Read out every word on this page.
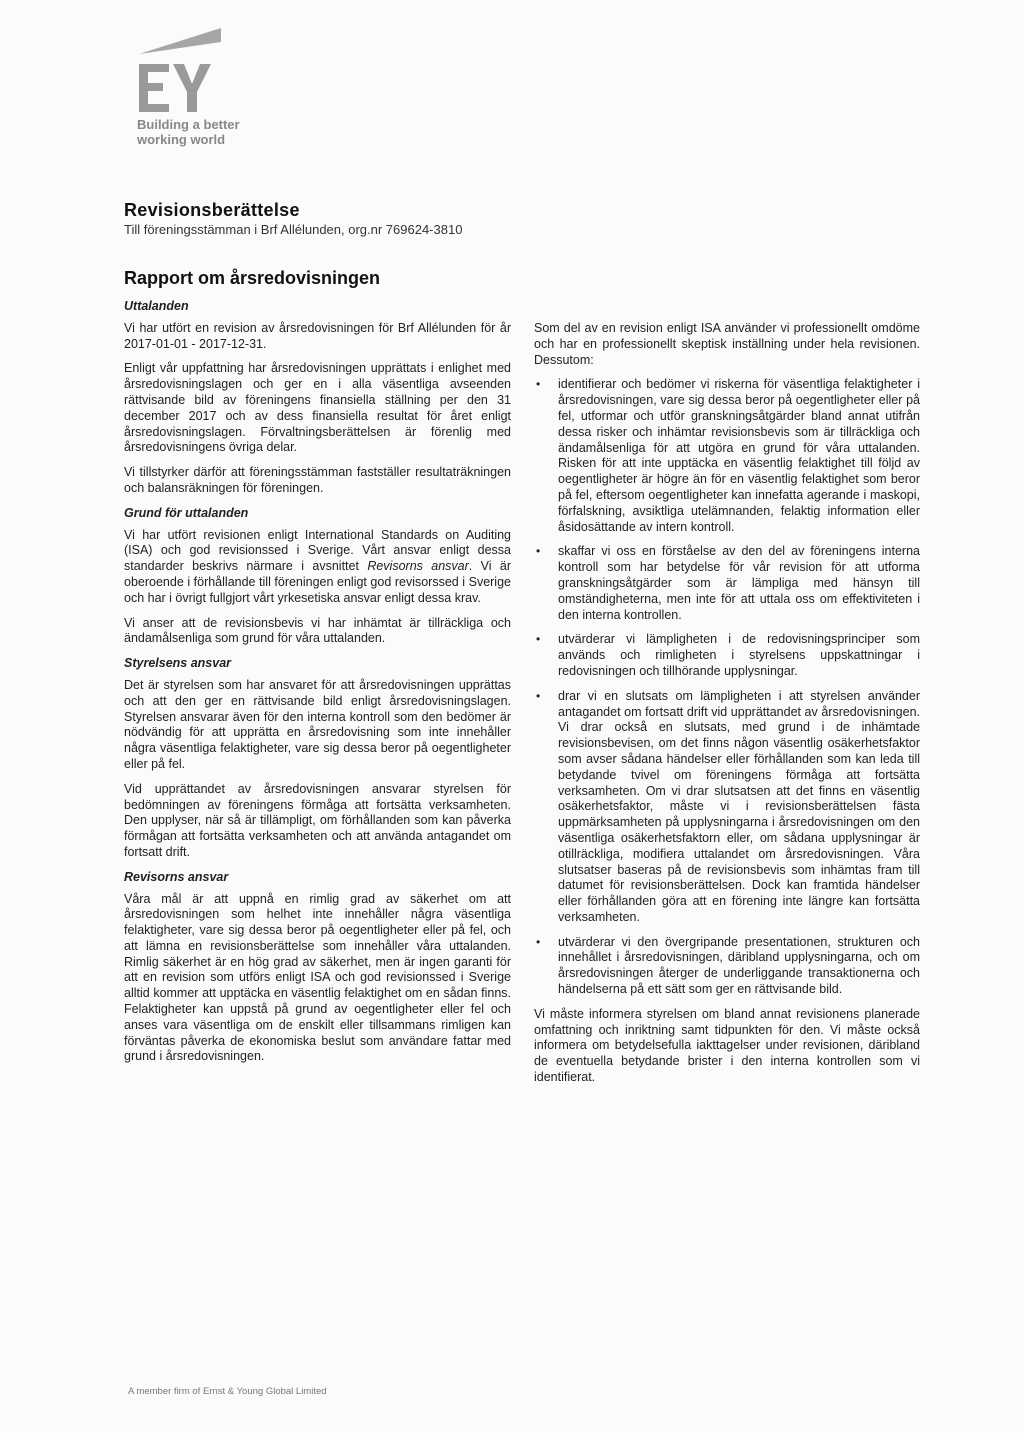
Building a better
working world
Revisionsberättelse
Till föreningsstämman i Brf Allélunden, org.nr 769624-3810
Rapport om årsredovisningen
Uttalanden

Vi har utfört en revision av årsredovisningen för Brf Allélunden för år 2017-01-01 - 2017-12-31.

Enligt vår uppfattning har årsredovisningen upprättats i enlighet med årsredovisningslagen och ger en i alla väsentliga avseenden rättvisande bild av föreningens finansiella ställning per den 31 december 2017 och av dess finansiella resultat för året enligt årsredovisningslagen. Förvaltningsberättelsen är förenlig med årsredovisningens övriga delar.

Vi tillstyrker därför att föreningsstämman fastställer resultaträkningen och balansräkningen för föreningen.

Grund för uttalanden

Vi har utfört revisionen enligt International Standards on Auditing (ISA) och god revisionssed i Sverige. Vårt ansvar enligt dessa standarder beskrivs närmare i avsnittet Revisorns ansvar. Vi är oberoende i förhållande till föreningen enligt god revisorssed i Sverige och har i övrigt fullgjort vårt yrkesetiska ansvar enligt dessa krav.

Vi anser att de revisionsbevis vi har inhämtat är tillräckliga och ändamålsenliga som grund för våra uttalanden.

Styrelsens ansvar

Det är styrelsen som har ansvaret för att årsredovisningen upprättas och att den ger en rättvisande bild enligt årsredovisningslagen. Styrelsen ansvarar även för den interna kontroll som den bedömer är nödvändig för att upprätta en årsredovisning som inte innehåller några väsentliga felaktigheter, vare sig dessa beror på oegentligheter eller på fel.

Vid upprättandet av årsredovisningen ansvarar styrelsen för bedömningen av föreningens förmåga att fortsätta verksamheten. Den upplyser, när så är tillämpligt, om förhållanden som kan påverka förmågan att fortsätta verksamheten och att använda antagandet om fortsatt drift.

Revisorns ansvar

Våra mål är att uppnå en rimlig grad av säkerhet om att årsredovisningen som helhet inte innehåller några väsentliga felaktigheter, vare sig dessa beror på oegentligheter eller på fel, och att lämna en revisionsberättelse som innehåller våra uttalanden. Rimlig säkerhet är en hög grad av säkerhet, men är ingen garanti för att en revision som utförs enligt ISA och god revisionssed i Sverige alltid kommer att upptäcka en väsentlig felaktighet om en sådan finns. Felaktigheter kan uppstå på grund av oegentligheter eller fel och anses vara väsentliga om de enskilt eller tillsammans rimligen kan förväntas påverka de ekonomiska beslut som användare fattar med grund i årsredovisningen.

Som del av en revision enligt ISA använder vi professionellt omdöme och har en professionellt skeptisk inställning under hela revisionen. Dessutom:

• identifierar och bedömer vi riskerna för väsentliga felaktigheter i årsredovisningen, vare sig dessa beror på oegentligheter eller på fel, utformar och utför granskningsåtgärder bland annat utifrån dessa risker och inhämtar revisionsbevis som är tillräckliga och ändamålsenliga för att utgöra en grund för våra uttalanden. Risken för att inte upptäcka en väsentlig felaktighet till följd av oegentligheter är högre än för en väsentlig felaktighet som beror på fel, eftersom oegentligheter kan innefatta agerande i maskopi, förfalskning, avsiktliga utelämnanden, felaktig information eller åsidosättande av intern kontroll.
• skaffar vi oss en förståelse av den del av föreningens interna kontroll som har betydelse för vår revision för att utforma granskningsåtgärder som är lämpliga med hänsyn till omständigheterna, men inte för att uttala oss om effektiviteten i den interna kontrollen.
• utvärderar vi lämpligheten i de redovisningsprinciper som används och rimligheten i styrelsens uppskattningar i redovisningen och tillhörande upplysningar.
• drar vi en slutsats om lämpligheten i att styrelsen använder antagandet om fortsatt drift vid upprättandet av årsredovisningen. Vi drar också en slutsats, med grund i de inhämtade revisionsbevisen, om det finns någon väsentlig osäkerhetsfaktor som avser sådana händelser eller förhållanden som kan leda till betydande tvivel om föreningens förmåga att fortsätta verksamheten. Om vi drar slutsatsen att det finns en väsentlig osäkerhetsfaktor, måste vi i revisionsberättelsen fästa uppmärksamheten på upplysningarna i årsredovisningen om den väsentliga osäkerhetsfaktorn eller, om sådana upplysningar är otillräckliga, modifiera uttalandet om årsredovisningen. Våra slutsatser baseras på de revisionsbevis som inhämtas fram till datumet för revisionsberättelsen. Dock kan framtida händelser eller förhållanden göra att en förening inte längre kan fortsätta verksamheten.
• utvärderar vi den övergripande presentationen, strukturen och innehållet i årsredovisningen, däribland upplysningarna, och om årsredovisningen återger de underliggande transaktionerna och händelserna på ett sätt som ger en rättvisande bild.

Vi måste informera styrelsen om bland annat revisionens planerade omfattning och inriktning samt tidpunkten för den. Vi måste också informera om betydelsefulla iakttagelser under revisionen, däribland de eventuella betydande brister i den interna kontrollen som vi identifierat.

A member firm of Ernst & Young Global Limited
